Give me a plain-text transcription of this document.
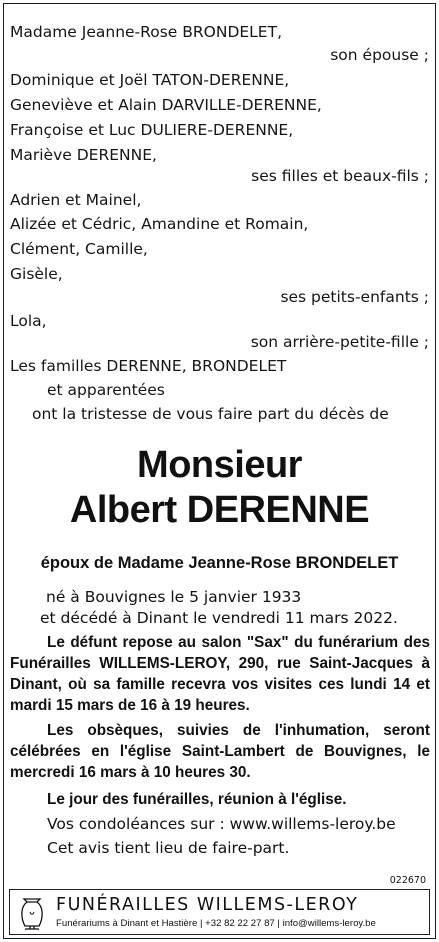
Madame Jeanne-Rose BRONDELET,
son épouse ;
Dominique et Joël TATON-DERENNE,
Geneviève et Alain DARVILLE-DERENNE,
Françoise et Luc DULIERE-DERENNE,
Mariève DERENNE,
ses filles et beaux-fils ;
Adrien et Mainel,
Alizée et Cédric, Amandine et Romain,
Clément, Camille,
Gisèle,
ses petits-enfants ;
Lola,
son arrière-petite-fille ;
Les familles DERENNE, BRONDELET
et apparentées
ont la tristesse de vous faire part du décès de
Monsieur
Albert DERENNE
époux de Madame Jeanne-Rose BRONDELET
né à Bouvignes le 5 janvier 1933
et décédé à Dinant le vendredi 11 mars 2022.
Le défunt repose au salon "Sax" du funérarium des Funérailles WILLEMS-LEROY, 290, rue Saint-Jacques à Dinant, où sa famille recevra vos visites ces lundi 14 et mardi 15 mars de 16 à 19 heures.
Les obsèques, suivies de l'inhumation, seront célébrées en l'église Saint-Lambert de Bouvignes, le mercredi 16 mars à 10 heures 30.
Le jour des funérailles, réunion à l'église.
Vos condoléances sur : www.willems-leroy.be
Cet avis tient lieu de faire-part.
022670
FUNÉRAILLES WILLEMS-LEROY
Funérariums à Dinant et Hastière | +32 82 22 27 87 | info@willems-leroy.be
